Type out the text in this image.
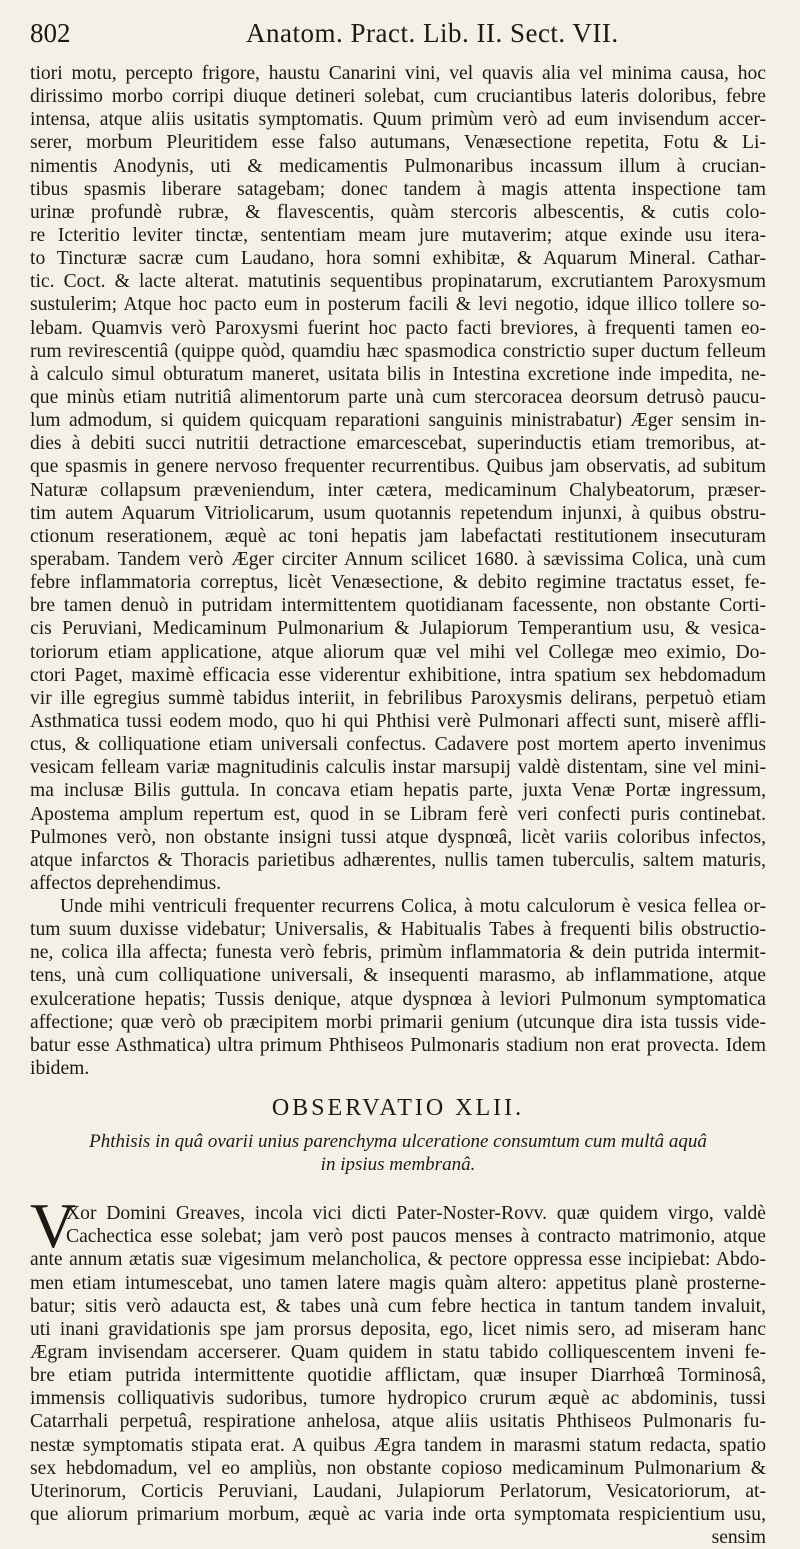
802	Anatom. Pract. Lib. II. Sect. VII.
tiori motu, percepto frigore, haustu Canarini vini, vel quavis alia vel minima causa, hoc
dirissimo morbo corripi diuque detineri solebat, cum cruciantibus lateris doloribus, febre
intensa, atque aliis usitatis symptomatis. Quum primùm verò ad eum invisendum accer-
serer, morbum Pleuritidem esse falso autumans, Venæsectione repetita, Fotu & Li-
nimentis Anodynis, uti & medicamentis Pulmonaribus incassum illum à crucian-
tibus spasmis liberare satagebam; donec tandem à magis attenta inspectione tam
urinæ profundè rubræ, & flavescentis, quàm stercoris albescentis, & cutis colo-
re Icteritio leviter tinctæ, sententiam meam jure mutaverim; atque exinde usu itera-
to Tincturæ sacræ cum Laudano, hora somni exhibitæ, & Aquarum Mineral. Cathar-
tic. Coct. & lacte alterat. matutinis sequentibus propinatarum, excrutiantem Paroxysmum
sustulerim; Atque hoc pacto eum in posterum facili & levi negotio, idque illico tollere so-
lebam. Quamvis verò Paroxysmi fuerint hoc pacto facti breviores, à frequenti tamen eo-
rum revirescentiâ (quippe quòd, quamdiu hæc spasmodica constrictio super ductum felleum
à calculo simul obturatum maneret, usitata bilis in Intestina excretione inde impedita, ne-
que minùs etiam nutritiâ alimentorum parte unà cum stercoracea deorsum detrusò paucu-
lum admodum, si quidem quicquam reparationi sanguinis ministrabatur) Æger sensim in-
dies à debiti succi nutritii detractione emarcescebat, superinductis etiam tremoribus, at-
que spasmis in genere nervoso frequenter recurrentibus. Quibus jam observatis, ad subitum
Naturæ collapsum præveniendum, inter cætera, medicaminum Chalybeatorum, præser-
tim autem Aquarum Vitriolicarum, usum quotannis repetendum injunxi, à quibus obstru-
ctionum reserationem, æquè ac toni hepatis jam labefactati restitutionem insecuturam
sperabam. Tandem verò Æger circiter Annum scilicet 1680. à sævissima Colica, unà cum
febre inflammatoria correptus, licèt Venæsectione, & debito regimine tractatus esset, fe-
bre tamen denuò in putridam intermittentem quotidianam facessente, non obstante Corti-
cis Peruviani, Medicaminum Pulmonarium & Julapiorum Temperantium usu, & vesica-
toriorum etiam applicatione, atque aliorum quæ vel mihi vel Collegæ meo eximio, Do-
ctori Paget, maximè efficacia esse viderentur exhibitione, intra spatium sex hebdomadum
vir ille egregius summè tabidus interiit, in febrilibus Paroxysmis delirans, perpetuò etiam
Asthmatica tussi eodem modo, quo hi qui Phthisi verè Pulmonari affecti sunt, miserè affli-
ctus, & colliquatione etiam universali confectus. Cadavere post mortem aperto invenimus
vesicam felleam variæ magnitudinis calculis instar marsupij valdè distentam, sine vel mini-
ma inclusæ Bilis guttula. In concava etiam hepatis parte, juxta Venæ Portæ ingressum,
Apostema amplum repertum est, quod in se Libram ferè veri confecti puris continebat.
Pulmones verò, non obstante insigni tussi atque dyspnœâ, licèt variis coloribus infectos,
atque infarctos & Thoracis parietibus adhærentes, nullis tamen tuberculis, saltem maturis,
affectos deprehendimus.
Unde mihi ventriculi frequenter recurrens Colica, à motu calculorum è vesica fellea or-
tum suum duxisse videbatur; Universalis, & Habitualis Tabes à frequenti bilis obstructio-
ne, colica illa affecta; funesta verò febris, primùm inflammatoria & dein putrida intermit-
tens, unà cum colliquatione universali, & insequenti marasmo, ab inflammatione, atque
exulceratione hepatis; Tussis denique, atque dyspnœa à leviori Pulmonum symptomatica
affectione; quæ verò ob præcipitem morbi primarii genium (utcunque dira ista tussis vide-
batur esse Asthmatica) ultra primum Phthiseos Pulmonaris stadium non erat provecta. Idem
ibidem.
OBSERVATIO XLII.
Phthisis in quâ ovarii unius parenchyma ulceratione consumtum cum multâ aquâ
in ipsius membranâ.
V
Xor Domini Greaves, incola vici dicti Pater-Noster-Rovv. quæ quidem virgo, valdè
Cachectica esse solebat; jam verò post paucos menses à contracto matrimonio, atque
ante annum ætatis suæ vigesimum melancholica, & pectore oppressa esse incipiebat: Abdo-
men etiam intumescebat, uno tamen latere magis quàm altero: appetitus planè prosterne-
batur; sitis verò adaucta est, & tabes unà cum febre hectica in tantum tandem invaluit,
uti inani gravidationis spe jam prorsus deposita, ego, licet nimis sero, ad miseram hanc
Ægram invisendam accerserer. Quam quidem in statu tabido colliquescentem inveni fe-
bre etiam putrida intermittente quotidie afflictam, quæ insuper Diarrhœâ Torminosâ,
immensis colliquativis sudoribus, tumore hydropico crurum æquè ac abdominis, tussi
Catarrhali perpetuâ, respiratione anhelosa, atque aliis usitatis Phthiseos Pulmonaris fu-
nestæ symptomatis stipata erat. A quibus Ægra tandem in marasmi statum redacta, spatio
sex hebdomadum, vel eo ampliùs, non obstante copioso medicaminum Pulmonarium &
Uterinorum, Corticis Peruviani, Laudani, Julapiorum Perlatorum, Vesicatoriorum, at-
que aliorum primarium morbum, æquè ac varia inde orta symptomata respicientium usu,
sensim
